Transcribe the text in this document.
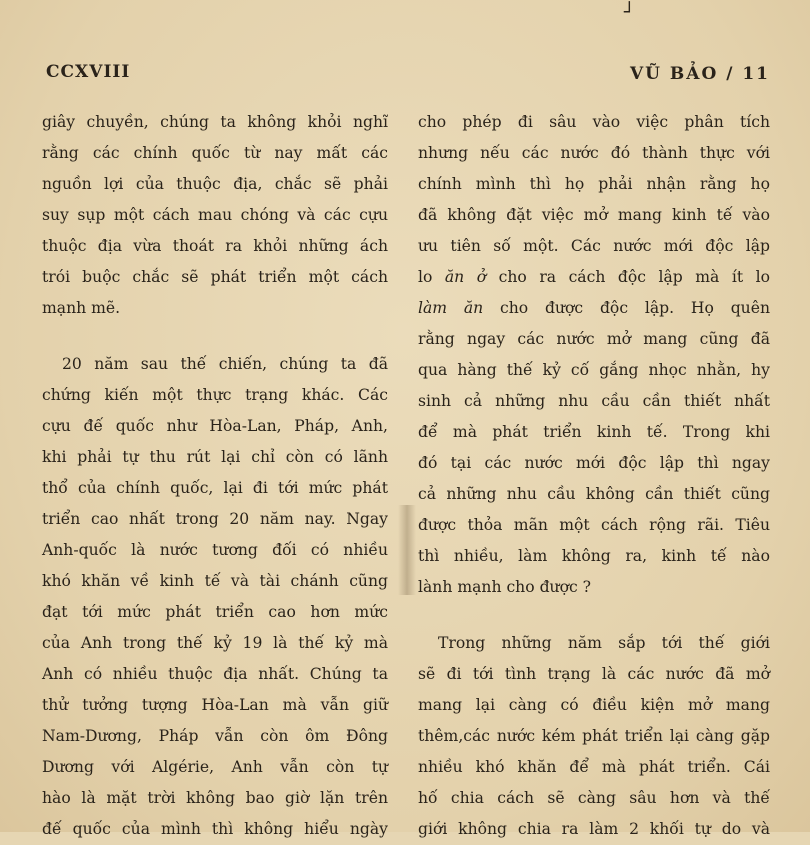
┘
CCXVIII	VŨ BẢO / 11

giây chuyền, chúng ta không khỏi nghĩ

rằng các chính quốc từ nay mất các

nguồn lợi của thuộc địa, chắc sẽ phải

suy sụp một cách mau chóng và các cựu

thuộc địa vừa thoát ra khỏi những ách

trói buộc chắc sẽ phát triển một cách

mạnh mẽ.

20 năm sau thế chiến, chúng ta đã

chứng kiến một thực trạng khác. Các

cựu đế quốc như Hòa-Lan, Pháp, Anh,

khi phải tự thu rút lại chỉ còn có lãnh

thổ của chính quốc, lại đi tới mức phát

triển cao nhất trong 20 năm nay. Ngay

Anh-quốc là nước tương đối có nhiều

khó khăn về kinh tế và tài chánh cũng

đạt tới mức phát triển cao hơn mức

của Anh trong thế kỷ 19 là thế kỷ mà

Anh có nhiều thuộc địa nhất. Chúng ta

thử tưởng tượng Hòa-Lan mà vẫn giữ

Nam-Dương, Pháp vẫn còn ôm Đông

Dương với Algérie, Anh vẫn còn tự

hào là mặt trời không bao giờ lặn trên

đế quốc của mình thì không hiểu ngày

cho phép đi sâu vào việc phân tích

nhưng nếu các nước đó thành thực với

chính mình thì họ phải nhận rằng họ

đã không đặt việc mở mang kinh tế vào

ưu tiên số một. Các nước mới độc lập

lo ăn ở cho ra cách độc lập mà ít lo

làm ăn cho được độc lập. Họ quên

rằng ngay các nước mở mang cũng đã

qua hàng thế kỷ cố gắng nhọc nhằn, hy

sinh cả những nhu cầu cần thiết nhất

để mà phát triển kinh tế. Trong khi

đó tại các nước mới độc lập thì ngay

cả những nhu cầu không cần thiết cũng

được thỏa mãn một cách rộng rãi. Tiêu

thì nhiều, làm không ra, kinh tế nào

lành mạnh cho được ?

Trong những năm sắp tới thế giới

sẽ đi tới tình trạng là các nước đã mở

mang lại càng có điều kiện mở mang

thêm,các nước kém phát triển lại càng gặp

nhiều khó khăn để mà phát triển. Cái

hố chia cách sẽ càng sâu hơn và thế

giới không chia ra làm 2 khối tự do và
